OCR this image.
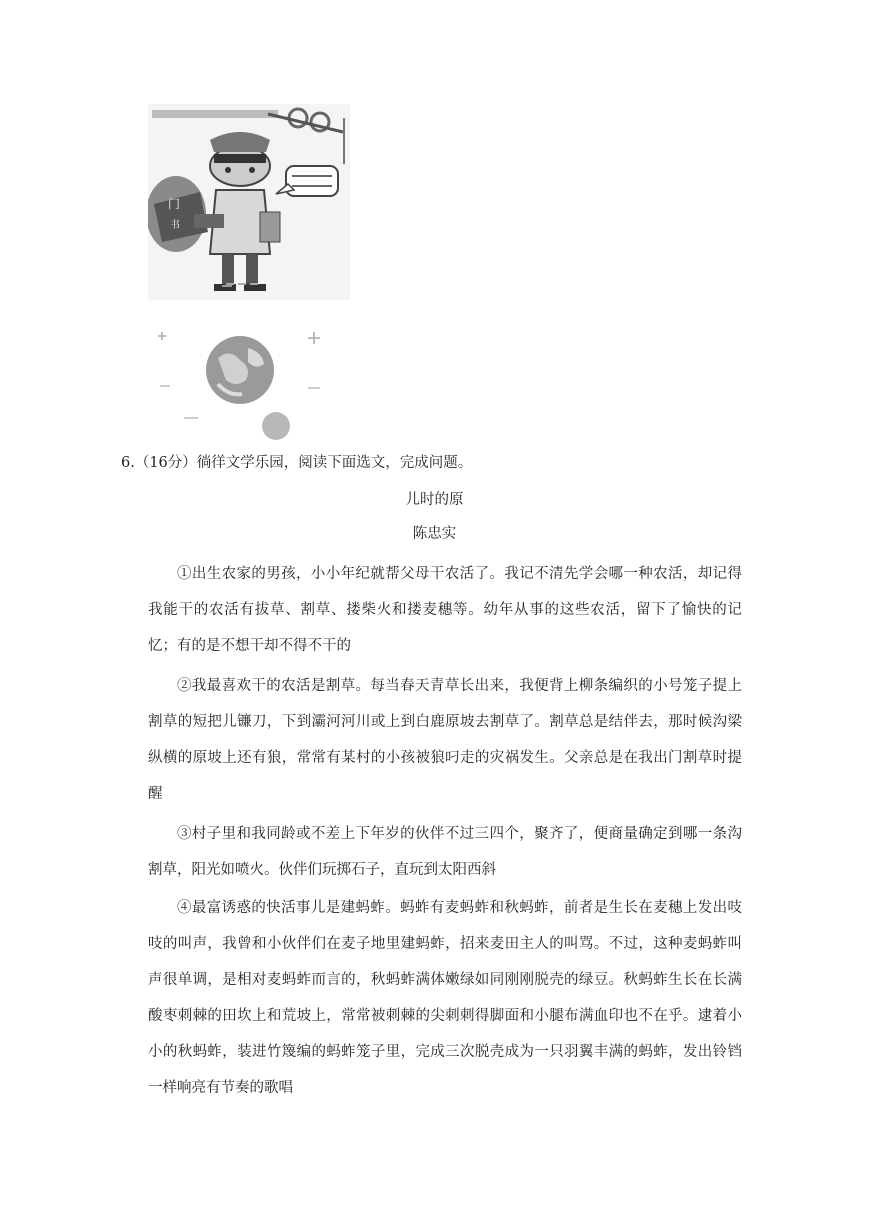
门
书
6.（16分）徜徉文学乐园，阅读下面选文，完成问题。
儿时的原
陈忠实

①出生农家的男孩，小小年纪就帮父母干农活了。我记不清先学会哪一种农活，却记得我能干的农活有拔草、割草、搂柴火和搂麦穗等。幼年从事的这些农活，留下了愉快的记忆；有的是不想干却不得不干的

②我最喜欢干的农活是割草。每当春天青草长出来，我便背上柳条编织的小号笼子提上割草的短把儿镰刀，下到灞河河川或上到白鹿原坡去割草了。割草总是结伴去，那时候沟梁纵横的原坡上还有狼，常常有某村的小孩被狼叼走的灾祸发生。父亲总是在我出门割草时提醒

③村子里和我同龄或不差上下年岁的伙伴不过三四个，聚齐了，便商量确定到哪一条沟割草，阳光如喷火。伙伴们玩掷石子，直玩到太阳西斜

④最富诱惑的快活事儿是建蚂蚱。蚂蚱有麦蚂蚱和秋蚂蚱，前者是生长在麦穗上发出吱吱的叫声，我曾和小伙伴们在麦子地里建蚂蚱，招来麦田主人的叫骂。不过，这种麦蚂蚱叫声很单调，是相对麦蚂蚱而言的，秋蚂蚱满体嫩绿如同刚刚脱壳的绿豆。秋蚂蚱生长在长满酸枣刺棘的田坎上和荒坡上，常常被刺棘的尖刺刺得脚面和小腿布满血印也不在乎。逮着小小的秋蚂蚱，装进竹篾编的蚂蚱笼子里，完成三次脱壳成为一只羽翼丰满的蚂蚱，发出铃铛一样响亮有节奏的歌唱
